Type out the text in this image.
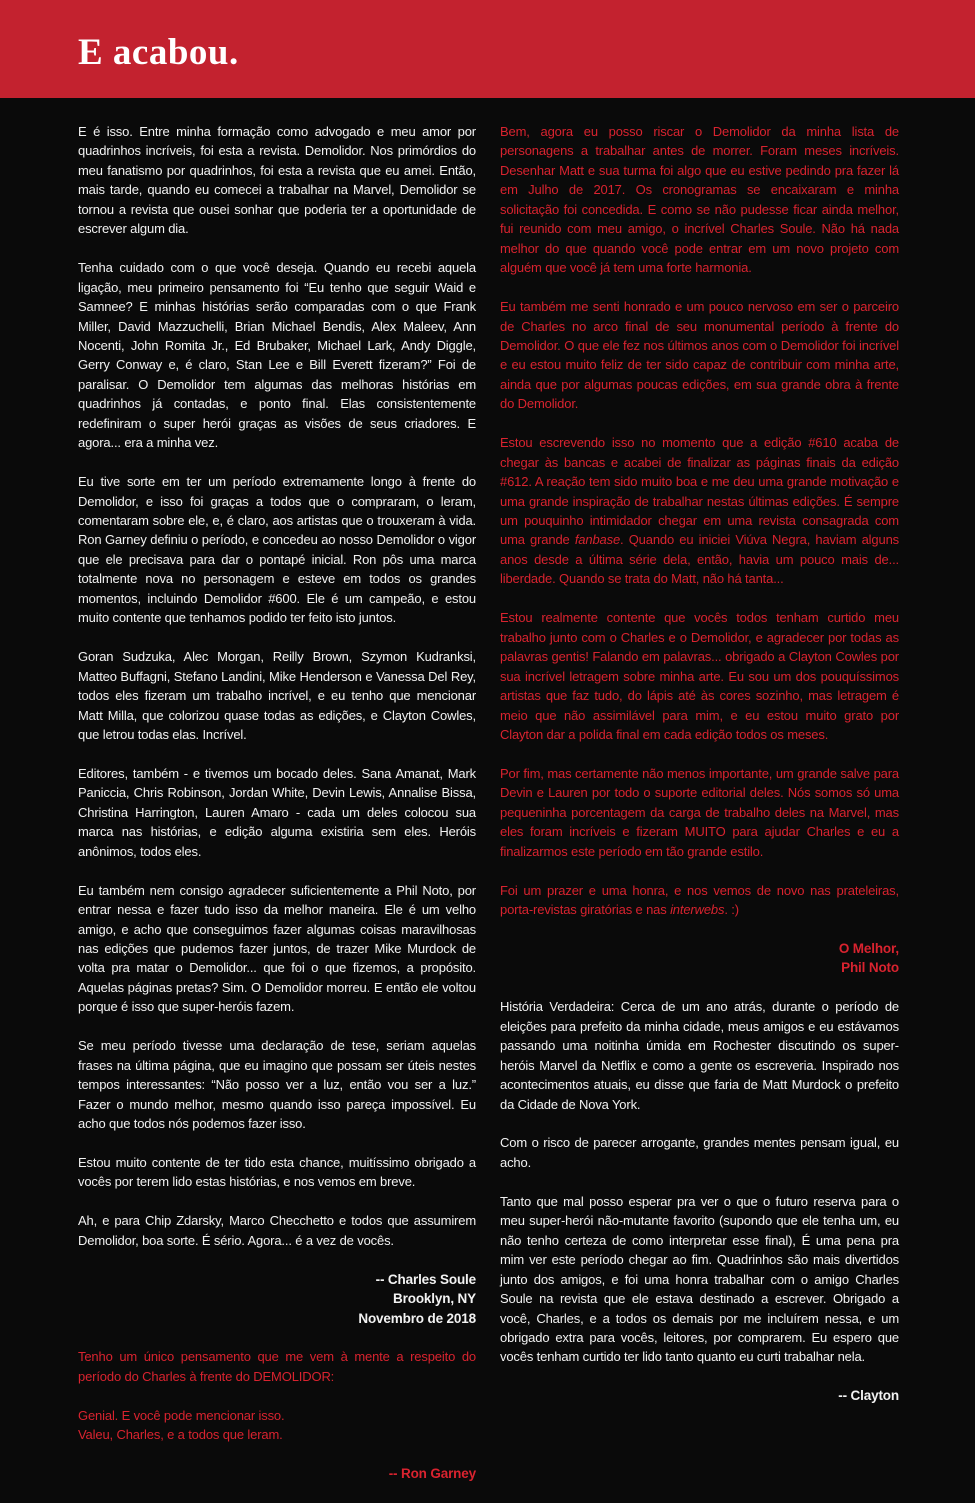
E acabou.

E é isso. Entre minha formação como advogado e meu amor por quadrinhos incríveis, foi esta a revista. Demolidor. Nos primórdios do meu fanatismo por quadrinhos, foi esta a revista que eu amei. Então, mais tarde, quando eu comecei a trabalhar na Marvel, Demolidor se tornou a revista que ousei sonhar que poderia ter a oportunidade de escrever algum dia.

Tenha cuidado com o que você deseja. Quando eu recebi aquela ligação, meu primeiro pensamento foi “Eu tenho que seguir Waid e Samnee? E minhas histórias serão comparadas com o que Frank Miller, David Mazzuchelli, Brian Michael Bendis, Alex Maleev, Ann Nocenti, John Romita Jr., Ed Brubaker, Michael Lark, Andy Diggle, Gerry Conway e, é claro, Stan Lee e Bill Everett fizeram?” Foi de paralisar. O Demolidor tem algumas das melhoras histórias em quadrinhos já contadas, e ponto final. Elas consistentemente redefiniram o super herói graças as visões de seus criadores. E agora... era a minha vez.

Eu tive sorte em ter um período extremamente longo à frente do Demolidor, e isso foi graças a todos que o compraram, o leram, comentaram sobre ele, e, é claro, aos artistas que o trouxeram à vida. Ron Garney definiu o período, e concedeu ao nosso Demolidor o vigor que ele precisava para dar o pontapé inicial. Ron pôs uma marca totalmente nova no personagem e esteve em todos os grandes momentos, incluindo Demolidor #600. Ele é um campeão, e estou muito contente que tenhamos podido ter feito isto juntos.

Goran Sudzuka, Alec Morgan, Reilly Brown, Szymon Kudranksi, Matteo Buffagni, Stefano Landini, Mike Henderson e Vanessa Del Rey, todos eles fizeram um trabalho incrível, e eu tenho que mencionar Matt Milla, que colorizou quase todas as edições, e Clayton Cowles, que letrou todas elas. Incrível.

Editores, também - e tivemos um bocado deles. Sana Amanat, Mark Paniccia, Chris Robinson, Jordan White, Devin Lewis, Annalise Bissa, Christina Harrington, Lauren Amaro - cada um deles colocou sua marca nas histórias, e edição alguma existiria sem eles. Heróis anônimos, todos eles.

Eu também nem consigo agradecer suficientemente a Phil Noto, por entrar nessa e fazer tudo isso da melhor maneira. Ele é um velho amigo, e acho que conseguimos fazer algumas coisas maravilhosas nas edições que pudemos fazer juntos, de trazer Mike Murdock de volta pra matar o Demolidor... que foi o que fizemos, a propósito. Aquelas páginas pretas? Sim. O Demolidor morreu. E então ele voltou porque é isso que super-heróis fazem.

Se meu período tivesse uma declaração de tese, seriam aquelas frases na última página, que eu imagino que possam ser úteis nestes tempos interessantes: “Não posso ver a luz, então vou ser a luz.” Fazer o mundo melhor, mesmo quando isso pareça impossível. Eu acho que todos nós podemos fazer isso.

Estou muito contente de ter tido esta chance, muitíssimo obrigado a vocês por terem lido estas histórias, e nos vemos em breve.

Ah, e para Chip Zdarsky, Marco Checchetto e todos que assumirem Demolidor, boa sorte. É sério. Agora... é a vez de vocês.

-- Charles Soule
Brooklyn, NY
Novembro de 2018

Tenho um único pensamento que me vem à mente a respeito do período do Charles à frente do DEMOLIDOR:

Genial. E você pode mencionar isso.

Valeu, Charles, e a todos que leram.

-- Ron Garney

Bem, agora eu posso riscar o Demolidor da minha lista de personagens a trabalhar antes de morrer. Foram meses incríveis. Desenhar Matt e sua turma foi algo que eu estive pedindo pra fazer lá em Julho de 2017. Os cronogramas se encaixaram e minha solicitação foi concedida. E como se não pudesse ficar ainda melhor, fui reunido com meu amigo, o incrível Charles Soule. Não há nada melhor do que quando você pode entrar em um novo projeto com alguém que você já tem uma forte harmonia.

Eu também me senti honrado e um pouco nervoso em ser o parceiro de Charles no arco final de seu monumental período à frente do Demolidor. O que ele fez nos últimos anos com o Demolidor foi incrível e eu estou muito feliz de ter sido capaz de contribuir com minha arte, ainda que por algumas poucas edições, em sua grande obra à frente do Demolidor.

Estou escrevendo isso no momento que a edição #610 acaba de chegar às bancas e acabei de finalizar as páginas finais da edição #612. A reação tem sido muito boa e me deu uma grande motivação e uma grande inspiração de trabalhar nestas últimas edições. É sempre um pouquinho intimidador chegar em uma revista consagrada com uma grande fanbase. Quando eu iniciei Viúva Negra, haviam alguns anos desde a última série dela, então, havia um pouco mais de... liberdade. Quando se trata do Matt, não há tanta...

Estou realmente contente que vocês todos tenham curtido meu trabalho junto com o Charles e o Demolidor, e agradecer por todas as palavras gentis! Falando em palavras... obrigado a Clayton Cowles por sua incrível letragem sobre minha arte. Eu sou um dos pouquíssimos artistas que faz tudo, do lápis até às cores sozinho, mas letragem é meio que não assimilável para mim, e eu estou muito grato por Clayton dar a polida final em cada edição todos os meses.

Por fim, mas certamente não menos importante, um grande salve para Devin e Lauren por todo o suporte editorial deles. Nós somos só uma pequeninha porcentagem da carga de trabalho deles na Marvel, mas eles foram incríveis e fizeram MUITO para ajudar Charles e eu a finalizarmos este período em tão grande estilo.

Foi um prazer e uma honra, e nos vemos de novo nas prateleiras, porta-revistas giratórias e nas interwebs. :)

O Melhor,
Phil Noto

História Verdadeira: Cerca de um ano atrás, durante o período de eleições para prefeito da minha cidade, meus amigos e eu estávamos passando uma noitinha úmida em Rochester discutindo os super-heróis Marvel da Netflix e como a gente os escreveria. Inspirado nos acontecimentos atuais, eu disse que faria de Matt Murdock o prefeito da Cidade de Nova York.

Com o risco de parecer arrogante, grandes mentes pensam igual, eu acho.

Tanto que mal posso esperar pra ver o que o futuro reserva para o meu super-herói não-mutante favorito (supondo que ele tenha um, eu não tenho certeza de como interpretar esse final), É uma pena pra mim ver este período chegar ao fim. Quadrinhos são mais divertidos junto dos amigos, e foi uma honra trabalhar com o amigo Charles Soule na revista que ele estava destinado a escrever. Obrigado a você, Charles, e a todos os demais por me incluírem nessa, e um obrigado extra para vocês, leitores, por comprarem. Eu espero que vocês tenham curtido ter lido tanto quanto eu curti trabalhar nela.

-- Clayton
